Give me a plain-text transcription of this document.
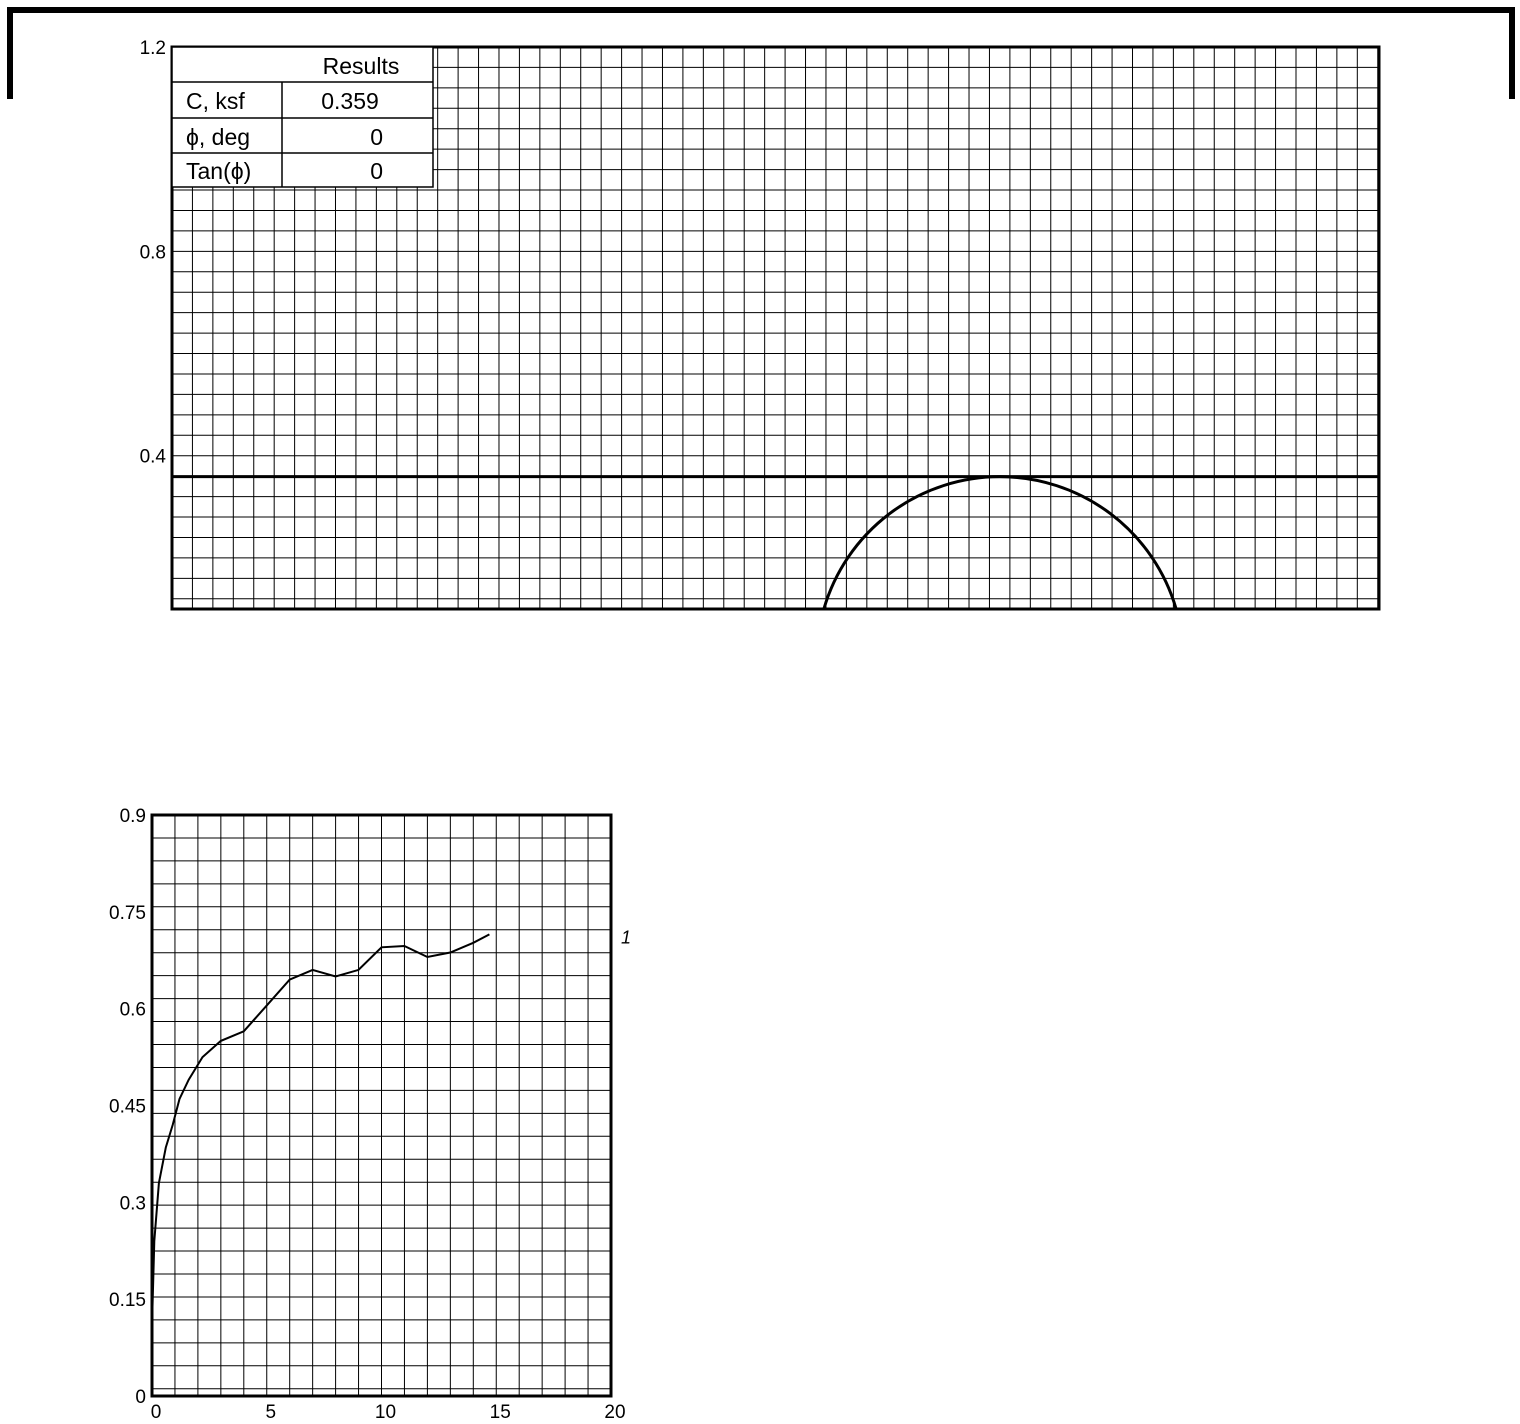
0.4
0.8
1.2
Results
C, ksf	0.359
ϕ, deg	0
Tan(ϕ)	0
0
0.15
0.3
0.45
0.6
0.75
0.9
0	5	10	15	20
1
